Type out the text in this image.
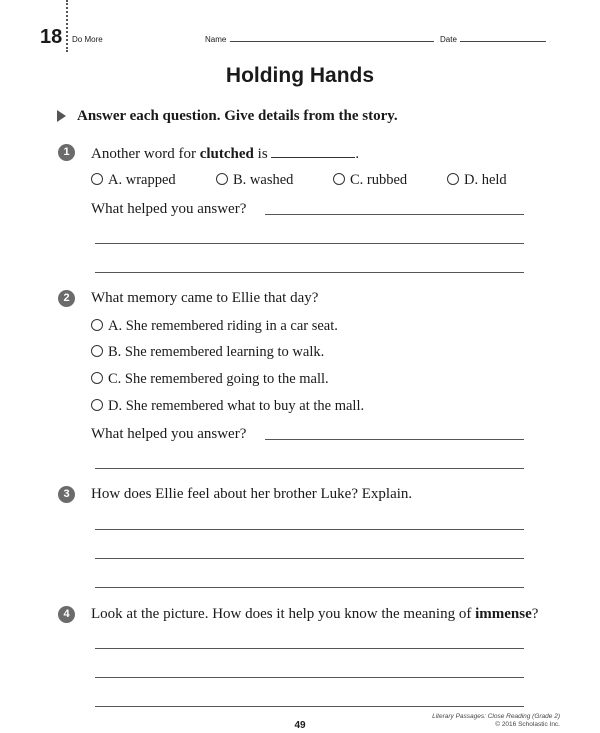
18 Do More	Name	Date
Holding Hands
Answer each question. Give details from the story.
1	Another word for clutched is	.
A. wrapped	B. washed	C. rubbed	D. held
What helped you answer?
2	What memory came to Ellie that day?
A. She remembered riding in a car seat.
B. She remembered learning to walk.
C. She remembered going to the mall.
D. She remembered what to buy at the mall.
What helped you answer?
3	How does Ellie feel about her brother Luke? Explain.
4	Look at the picture. How does it help you know the meaning of immense?
49
Literary Passages: Close Reading (Grade 2)
© 2016 Scholastic Inc.
